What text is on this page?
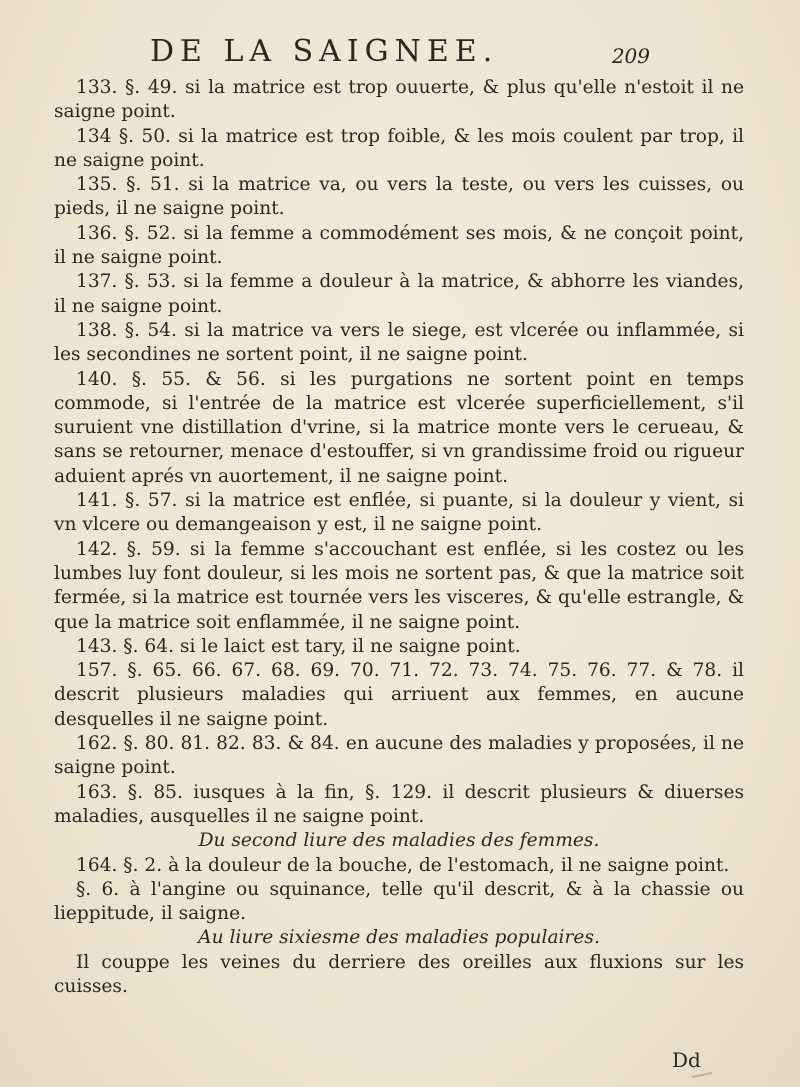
DE LA SAIGNEE.	209

133. §. 49. si la matrice est trop ouuerte, & plus qu'elle n'estoit il ne saigne point.

134 §. 50. si la matrice est trop foible, & les mois coulent par trop, il ne saigne point.

135. §. 51. si la matrice va, ou vers la teste, ou vers les cuisses, ou pieds, il ne saigne point.

136. §. 52. si la femme a commodément ses mois, & ne conçoit point, il ne saigne point.

137. §. 53. si la femme a douleur à la matrice, & abhorre les viandes, il ne saigne point.

138. §. 54. si la matrice va vers le siege, est vlcerée ou inflammée, si les secondines ne sortent point, il ne saigne point.

140. §. 55. & 56. si les purgations ne sortent point en temps commode, si l'entrée de la matrice est vlcerée superficiellement, s'il suruient vne distillation d'vrine, si la matrice monte vers le cerueau, & sans se retourner, menace d'estouffer, si vn grandissime froid ou rigueur aduient aprés vn auortement, il ne saigne point.

141. §. 57. si la matrice est enflée, si puante, si la douleur y vient, si vn vlcere ou demangeaison y est, il ne saigne point.

142. §. 59. si la femme s'accouchant est enflée, si les costez ou les lumbes luy font douleur, si les mois ne sortent pas, & que la matrice soit fermée, si la matrice est tournée vers les visceres, & qu'elle estrangle, & que la matrice soit enflammée, il ne saigne point.

143. §. 64. si le laict est tary, il ne saigne point.

157. §. 65. 66. 67. 68. 69. 70. 71. 72. 73. 74. 75. 76. 77. & 78. il descrit plusieurs maladies qui arriuent aux femmes, en aucune desquelles il ne saigne point.

162. §. 80. 81. 82. 83. & 84. en aucune des maladies y proposées, il ne saigne point.

163. §. 85. iusques à la fin, §. 129. il descrit plusieurs & diuerses maladies, ausquelles il ne saigne point.

Du second liure des maladies des femmes.

164. §. 2. à la douleur de la bouche, de l'estomach, il ne saigne point.

§. 6. à l'angine ou squinance, telle qu'il descrit, & à la chassie ou lieppitude, il saigne.

Au liure sixiesme des maladies populaires.

Il couppe les veines du derriere des oreilles aux fluxions sur les cuisses.

Dd
